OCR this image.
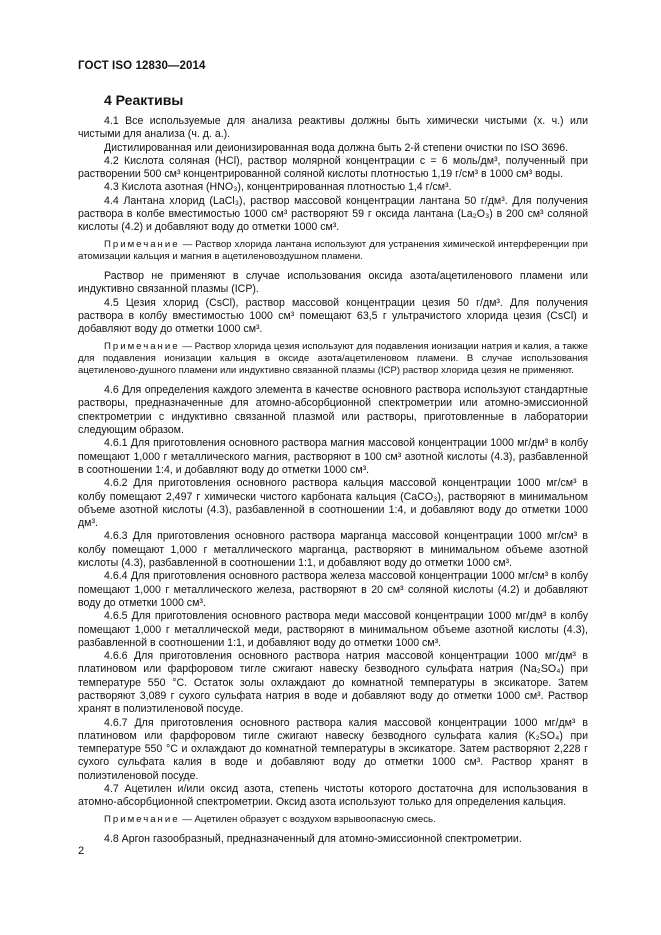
ГОСТ ISO 12830—2014
4 Реактивы

4.1 Все используемые для анализа реактивы должны быть химически чистыми (х. ч.) или чистыми для анализа (ч. д. а.).

Дистилированная или деионизированная вода должна быть 2-й степени очистки по ISO 3696.

4.2 Кислота соляная (HCl), раствор молярной концентрации c = 6 моль/дм³, полученный при растворении 500 см³ концентрированной соляной кислоты плотностью 1,19 г/см³ в 1000 см³ воды.

4.3 Кислота азотная (HNO₃), концентрированная плотностью 1,4 г/см³.

4.4 Лантана хлорид (LaCl₃), раствор массовой концентрации лантана 50 г/дм³. Для получения раствора в колбе вместимостью 1000 см³ растворяют 59 г оксида лантана (La₂O₃) в 200 см³ соляной кислоты (4.2) и добавляют воду до отметки 1000 см³.

Примечание — Раствор хлорида лантана используют для устранения химической интерференции при атомизации кальция и магния в ацетиленовоздушном пламени.

Раствор не применяют в случае использования оксида азота/ацетиленового пламени или индуктивно связанной плазмы (ICP).

4.5 Цезия хлорид (CsCl), раствор массовой концентрации цезия 50 г/дм³. Для получения раствора в колбу вместимостью 1000 см³ помещают 63,5 г ультрачистого хлорида цезия (CsCl) и добавляют воду до отметки 1000 см³.

Примечание — Раствор хлорида цезия используют для подавления ионизации натрия и калия, а также для подавления ионизации кальция в оксиде азота/ацетиленовом пламени. В случае использования ацетиленово-душного пламени или индуктивно связанной плазмы (ICP) раствор хлорида цезия не применяют.

4.6 Для определения каждого элемента в качестве основного раствора используют стандартные растворы, предназначенные для атомно-абсорбционной спектрометрии или атомно-эмиссионной спектрометрии с индуктивно связанной плазмой или растворы, приготовленные в лаборатории следующим образом.

4.6.1 Для приготовления основного раствора магния массовой концентрации 1000 мг/дм³ в колбу помещают 1,000 г металлического магния, растворяют в 100 см³ азотной кислоты (4.3), разбавленной в соотношении 1:4, и добавляют воду до отметки 1000 см³.

4.6.2 Для приготовления основного раствора кальция массовой концентрации 1000 мг/см³ в колбу помещают 2,497 г химически чистого карбоната кальция (CaCO₃), растворяют в минимальном объеме азотной кислоты (4.3), разбавленной в соотношении 1:4, и добавляют воду до отметки 1000 дм³.

4.6.3 Для приготовления основного раствора марганца массовой концентрации 1000 мг/см³ в колбу помещают 1,000 г металлического марганца, растворяют в минимальном объеме азотной кислоты (4.3), разбавленной в соотношении 1:1, и добавляют воду до отметки 1000 см³.

4.6.4 Для приготовления основного раствора железа массовой концентрации 1000 мг/см³ в колбу помещают 1,000 г металлического железа, растворяют в 20 см³ соляной кислоты (4.2) и добавляют воду до отметки 1000 см³.

4.6.5 Для приготовления основного раствора меди массовой концентрации 1000 мг/дм³ в колбу помещают 1,000 г металлической меди, растворяют в минимальном объеме азотной кислоты (4.3), разбавленной в соотношении 1:1, и добавляют воду до отметки 1000 см³.

4.6.6 Для приготовления основного раствора натрия массовой концентрации 1000 мг/дм³ в платиновом или фарфоровом тигле сжигают навеску безводного сульфата натрия (Na₂SO₄) при температуре 550 °С. Остаток золы охлаждают до комнатной температуры в эксикаторе. Затем растворяют 3,089 г сухого сульфата натрия в воде и добавляют воду до отметки 1000 см³. Раствор хранят в полиэтиленовой посуде.

4.6.7 Для приготовления основного раствора калия массовой концентрации 1000 мг/дм³ в платиновом или фарфоровом тигле сжигают навеску безводного сульфата калия (K₂SO₄) при температуре 550 °С и охлаждают до комнатной температуры в эксикаторе. Затем растворяют 2,228 г сухого сульфата калия в воде и добавляют воду до отметки 1000 см³. Раствор хранят в полиэтиленовой посуде.

4.7 Ацетилен и/или оксид азота, степень чистоты которого достаточна для использования в атомно-абсорбционной спектрометрии. Оксид азота используют только для определения кальция.

Примечание — Ацетилен образует с воздухом взрывоопасную смесь.

4.8 Аргон газообразный, предназначенный для атомно-эмиссионной спектрометрии.

2
